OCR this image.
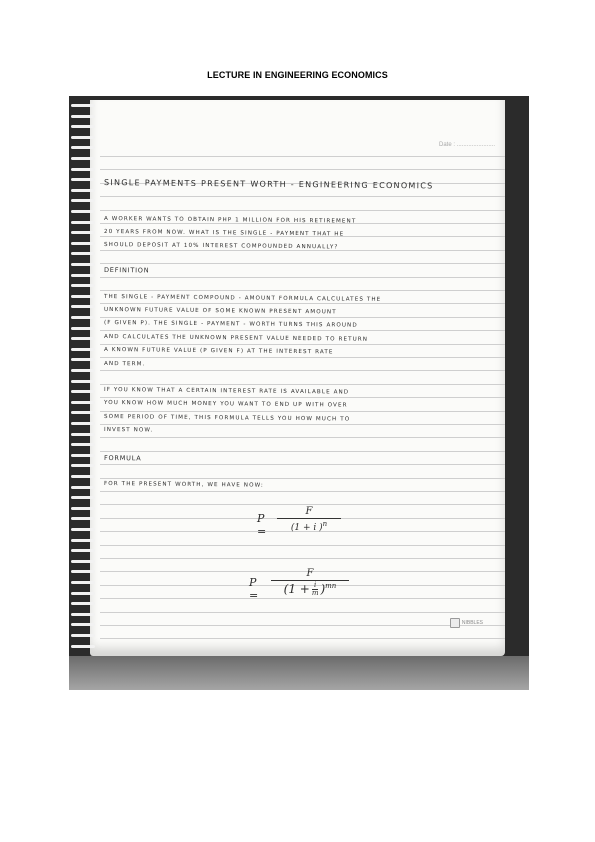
LECTURE IN ENGINEERING ECONOMICS
Date : .......................
SINGLE PAYMENTS PRESENT WORTH - ENGINEERING ECONOMICS
A WORKER WANTS TO OBTAIN PHP 1 MILLION FOR HIS RETIREMENT
20 YEARS FROM NOW. WHAT IS THE SINGLE - PAYMENT THAT HE
SHOULD DEPOSIT AT 10% INTEREST COMPOUNDED ANNUALLY?
DEFINITION
THE SINGLE - PAYMENT COMPOUND - AMOUNT FORMULA CALCULATES THE
UNKNOWN FUTURE VALUE OF SOME KNOWN PRESENT AMOUNT
(F GIVEN P). THE SINGLE - PAYMENT - WORTH TURNS THIS AROUND
AND CALCULATES THE UNKNOWN PRESENT VALUE NEEDED TO RETURN
A KNOWN FUTURE VALUE (P GIVEN F) AT THE INTEREST RATE
AND TERM.
IF YOU KNOW THAT A CERTAIN INTEREST RATE IS AVAILABLE AND
YOU KNOW HOW MUCH MONEY YOU WANT TO END UP WITH OVER
SOME PERIOD OF TIME, THIS FORMULA TELLS YOU HOW MUCH TO
INVEST NOW.
FORMULA
FOR THE PRESENT WORTH, WE HAVE NOW:
P =
F
(1 + i )$^n$
P =
F
$(1 + \frac{i}{m} )^{mn}$
NIBBLES
